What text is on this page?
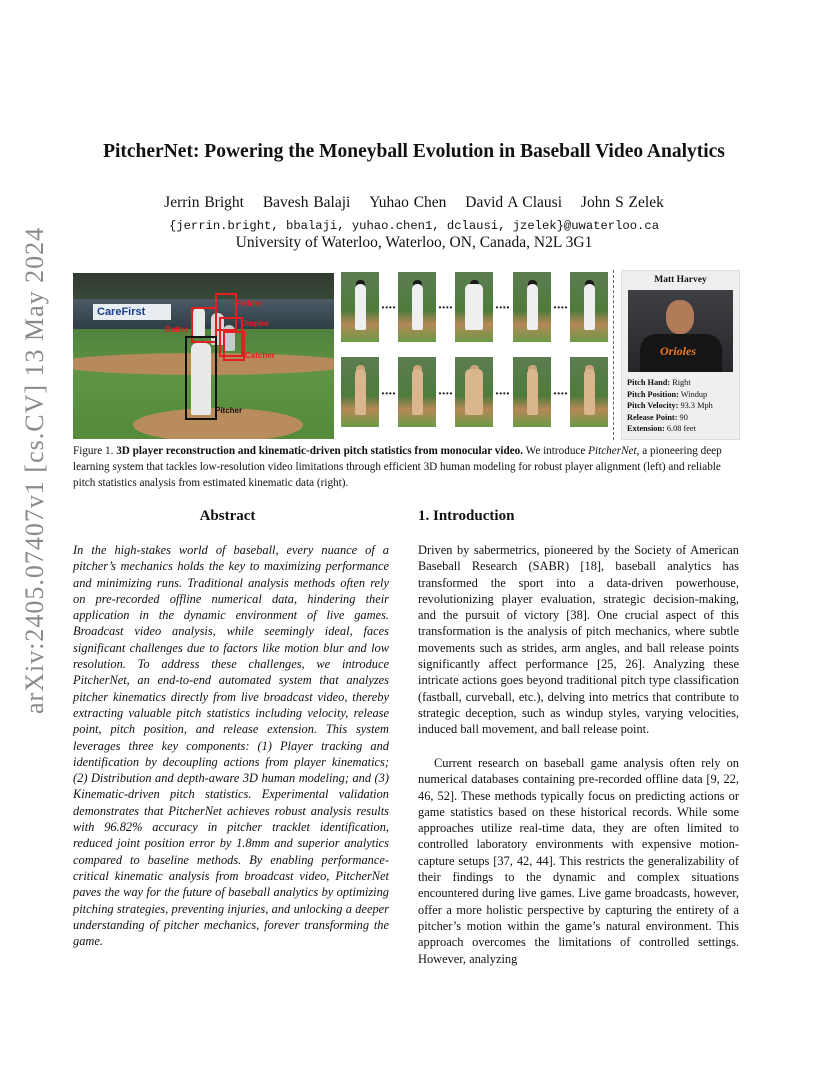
arXiv:2405.07407v1 [cs.CV] 13 May 2024
PitcherNet: Powering the Moneyball Evolution in Baseball Video Analytics
Jerrin Bright Bavesh Balaji Yuhao Chen David A Clausi John S Zelek
{jerrin.bright, bbalaji, yuhao.chen1, dclausi, jzelek}@uwaterloo.ca
University of Waterloo, Waterloo, ON, Canada, N2L 3G1
CareFirst
Fielder
Batter
Umpire
Catcher
Pitcher
····	····	····	····
····	····	····	····
Matt Harvey
Orioles
Pitch Hand: Right
Pitch Position: Windup
Pitch Velocity: 93.3 Mph
Release Point: 90
Extension: 6.08 feet
Figure 1. 3D player reconstruction and kinematic-driven pitch statistics from monocular video. We introduce PitcherNet, a pioneering deep learning system that tackles low-resolution video limitations through efficient 3D human modeling for robust player alignment (left) and reliable pitch statistics analysis from estimated kinematic data (right).
Abstract
In the high-stakes world of baseball, every nuance of a pitcher’s mechanics holds the key to maximizing performance and minimizing runs. Traditional analysis methods often rely on pre-recorded offline numerical data, hindering their application in the dynamic environment of live games. Broadcast video analysis, while seemingly ideal, faces significant challenges due to factors like motion blur and low resolution. To address these challenges, we introduce PitcherNet, an end-to-end automated system that analyzes pitcher kinematics directly from live broadcast video, thereby extracting valuable pitch statistics including velocity, release point, pitch position, and release extension. This system leverages three key components: (1) Player tracking and identification by decoupling actions from player kinematics; (2) Distribution and depth-aware 3D human modeling; and (3) Kinematic-driven pitch statistics. Experimental validation demonstrates that PitcherNet achieves robust analysis results with 96.82% accuracy in pitcher tracklet identification, reduced joint position error by 1.8mm and superior analytics compared to baseline methods. By enabling performance-critical kinematic analysis from broadcast video, PitcherNet paves the way for the future of baseball analytics by optimizing pitching strategies, preventing injuries, and unlocking a deeper understanding of pitcher mechanics, forever transforming the game.
1. Introduction
Driven by sabermetrics, pioneered by the Society of American Baseball Research (SABR) [18], baseball analytics has transformed the sport into a data-driven powerhouse, revolutionizing player evaluation, strategic decision-making, and the pursuit of victory [38]. One crucial aspect of this transformation is the analysis of pitch mechanics, where subtle movements such as strides, arm angles, and ball release points significantly affect performance [25, 26]. Analyzing these intricate actions goes beyond traditional pitch type classification (fastball, curveball, etc.), delving into metrics that contribute to strategic deception, such as windup styles, varying velocities, induced ball movement, and ball release point.
Current research on baseball game analysis often rely on numerical databases containing pre-recorded offline data [9, 22, 46, 52]. These methods typically focus on predicting actions or game statistics based on these historical records. While some approaches utilize real-time data, they are often limited to controlled laboratory environments with expensive motion-capture setups [37, 42, 44]. This restricts the generalizability of their findings to the dynamic and complex situations encountered during live games. Live game broadcasts, however, offer a more holistic perspective by capturing the entirety of a pitcher’s motion within the game’s natural environment. This approach overcomes the limitations of controlled settings. However, analyzing
